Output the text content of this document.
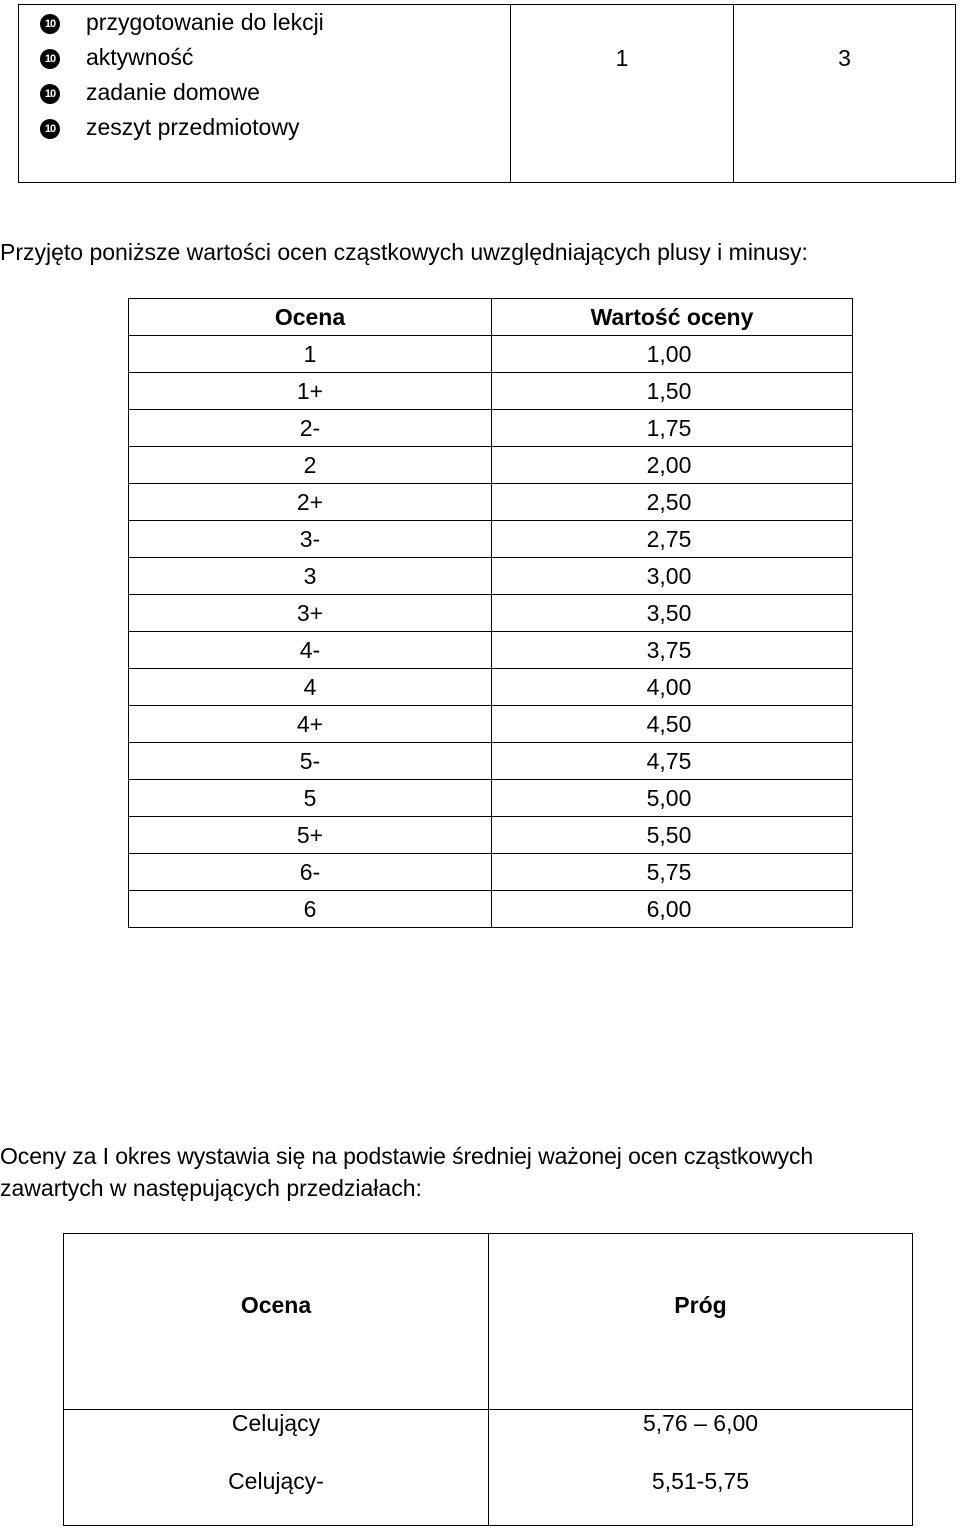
10 przygotowanie do lekcji
10 aktywność
10 zadanie domowe
10 zeszyt przedmiotowy
1	3
Przyjęto poniższe wartości ocen cząstkowych uwzględniających plusy i minusy:
Ocena	Wartość oceny
1	1,00
1+	1,50
2-	1,75
2	2,00
2+	2,50
3-	2,75
3	3,00
3+	3,50
4-	3,75
4	4,00
4+	4,50
5-	4,75
5	5,00
5+	5,50
6-	5,75
6	6,00
Oceny za I okres wystawia się na podstawie średniej ważonej ocen cząstkowych
zawartych w następujących przedziałach:
Ocena	Próg
Celujący	5,76 – 6,00
Celujący-	5,51-5,75
